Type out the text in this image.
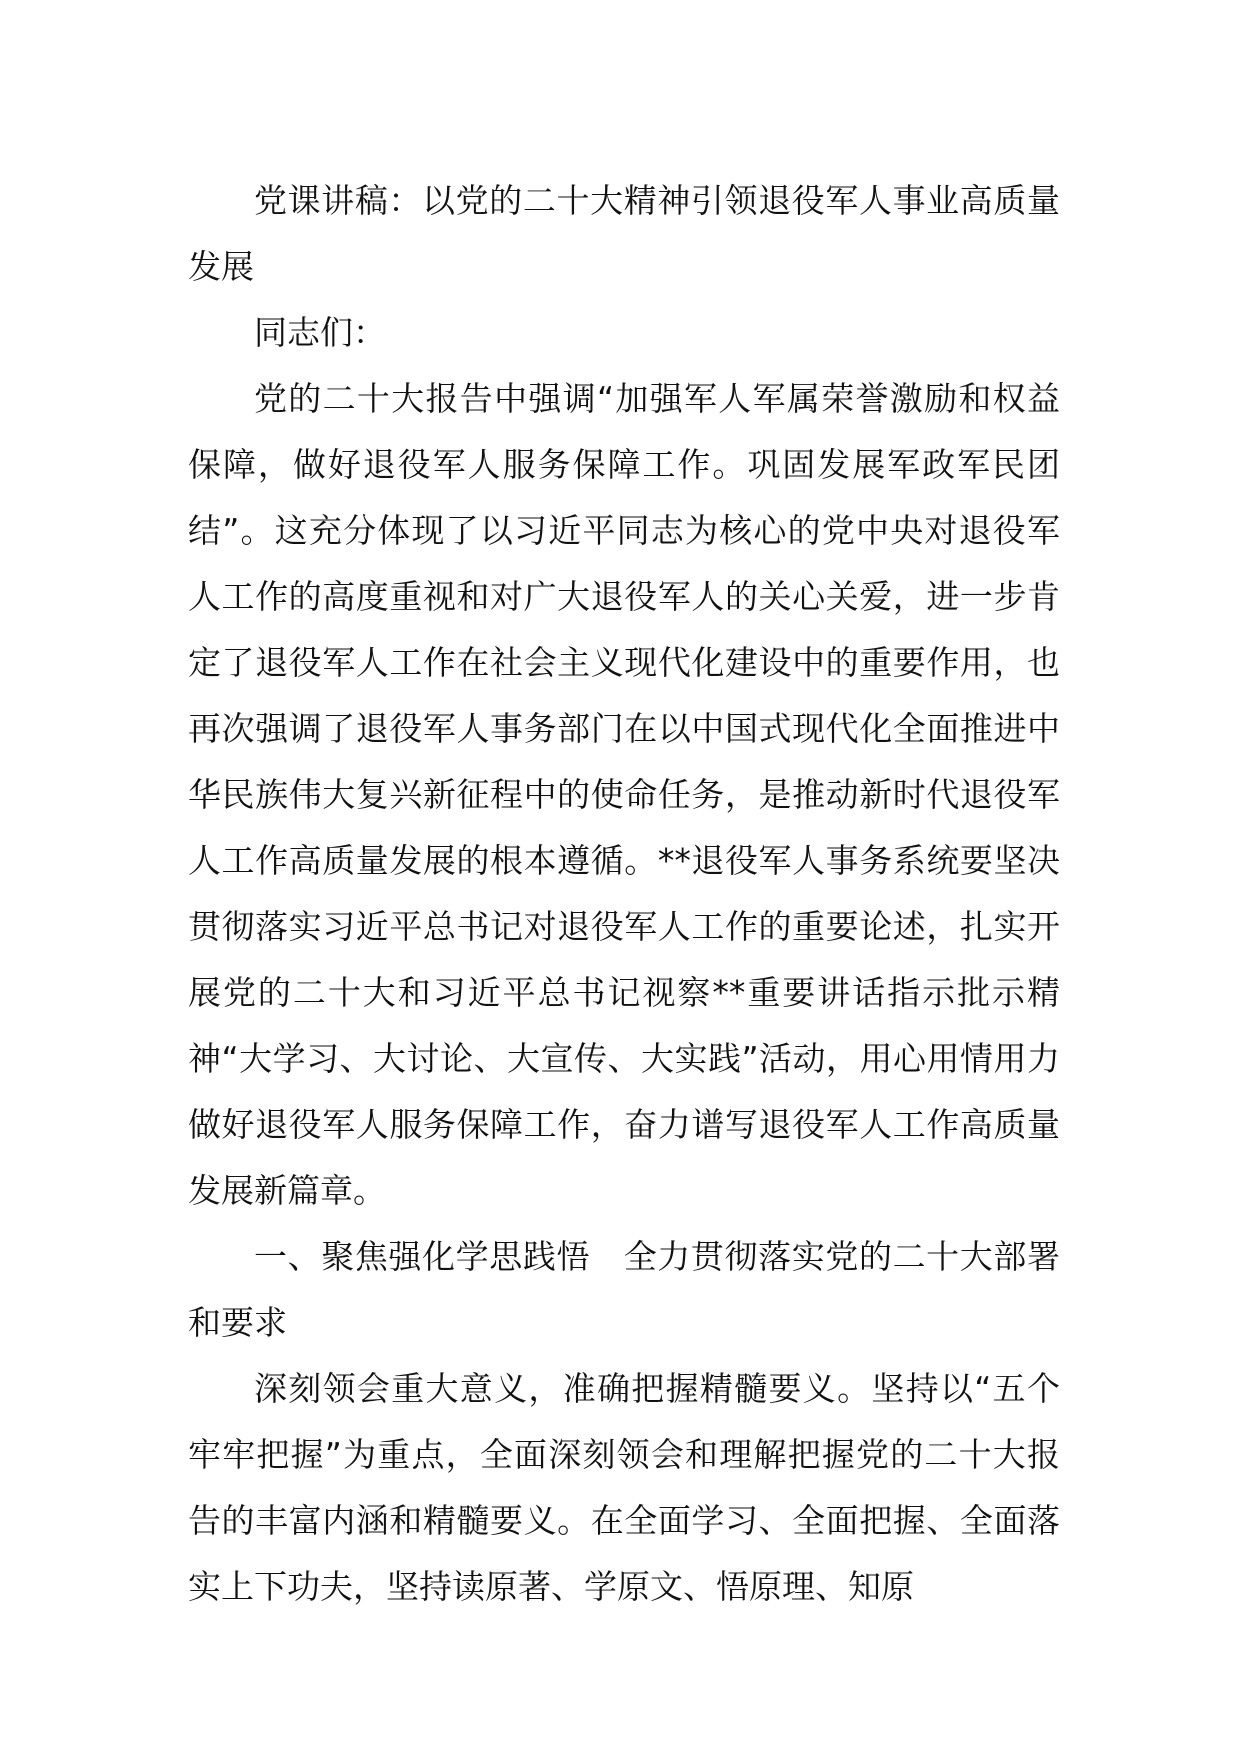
党课讲稿：以党的二十大精神引领退役军人事业高质量发展

同志们：

党的二十大报告中强调“加强军人军属荣誉激励和权益保障，做好退役军人服务保障工作。巩固发展军政军民团结”。这充分体现了以习近平同志为核心的党中央对退役军人工作的高度重视和对广大退役军人的关心关爱，进一步肯定了退役军人工作在社会主义现代化建设中的重要作用，也再次强调了退役军人事务部门在以中国式现代化全面推进中华民族伟大复兴新征程中的使命任务，是推动新时代退役军人工作高质量发展的根本遵循。**退役军人事务系统要坚决贯彻落实习近平总书记对退役军人工作的重要论述，扎实开展党的二十大和习近平总书记视察**重要讲话指示批示精神“大学习、大讨论、大宣传、大实践”活动，用心用情用力做好退役军人服务保障工作，奋力谱写退役军人工作高质量发展新篇章。

一、聚焦强化学思践悟　全力贯彻落实党的二十大部署和要求

深刻领会重大意义，准确把握精髓要义。坚持以“五个牢牢把握”为重点，全面深刻领会和理解把握党的二十大报告的丰富内涵和精髓要义。在全面学习、全面把握、全面落实上下功夫，坚持读原著、学原文、悟原理、知原
